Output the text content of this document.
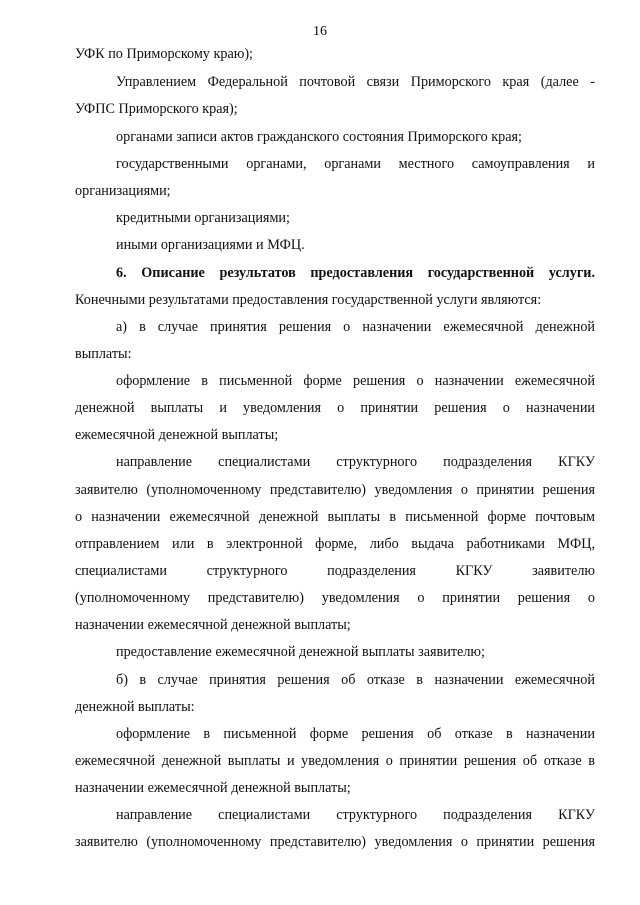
16
УФК по Приморскому краю);
Управлением Федеральной почтовой связи Приморского края (далее -
УФПС Приморского края);
органами записи актов гражданского состояния Приморского края;
государственными органами, органами местного самоуправления и
организациями;
кредитными организациями;
иными организациями и МФЦ.
6. Описание результатов предоставления государственной услуги.
Конечными результатами предоставления государственной услуги являются:
а) в случае принятия решения о назначении ежемесячной денежной
выплаты:
оформление в письменной форме решения о назначении ежемесячной
денежной выплаты и уведомления о принятии решения о назначении
ежемесячной денежной выплаты;
направление специалистами структурного подразделения КГКУ
заявителю (уполномоченному представителю) уведомления о принятии решения
о назначении ежемесячной денежной выплаты в письменной форме почтовым
отправлением или в электронной форме, либо выдача работниками МФЦ,
специалистами структурного подразделения КГКУ заявителю
(уполномоченному представителю) уведомления о принятии решения о
назначении ежемесячной денежной выплаты;
предоставление ежемесячной денежной выплаты заявителю;
б) в случае принятия решения об отказе в назначении ежемесячной
денежной выплаты:
оформление в письменной форме решения об отказе в назначении
ежемесячной денежной выплаты и уведомления о принятии решения об отказе в
назначении ежемесячной денежной выплаты;
направление специалистами структурного подразделения КГКУ
заявителю (уполномоченному представителю) уведомления о принятии решения
